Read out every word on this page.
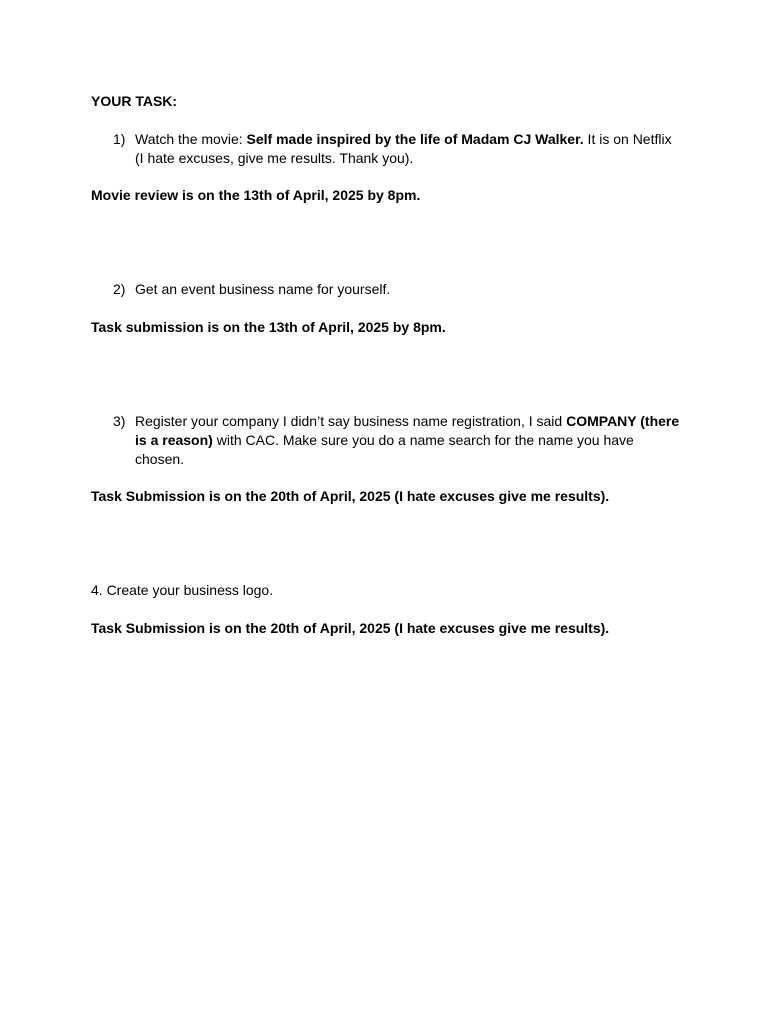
YOUR TASK:

1) Watch the movie: Self made inspired by the life of Madam CJ Walker. It is on Netflix (I hate excuses, give me results. Thank you).

Movie review is on the 13th of April, 2025 by 8pm.

2) Get an event business name for yourself.

Task submission is on the 13th of April, 2025 by 8pm.

3) Register your company I didn’t say business name registration, I said COMPANY (there is a reason) with CAC. Make sure you do a name search for the name you have chosen.

Task Submission is on the 20th of April, 2025 (I hate excuses give me results).

4. Create your business logo.

Task Submission is on the 20th of April, 2025 (I hate excuses give me results).
